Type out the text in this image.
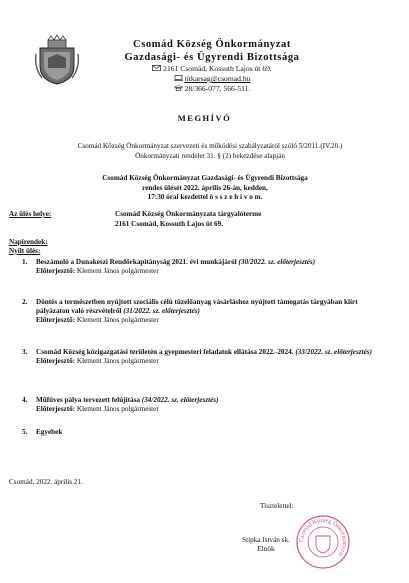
Csomád Község Önkormányzat
Gazdasági- és Ügyrendi Bizottsága
2161 Csomád, Kossuth Lajos út 69.
titkarsag@csomad.hu
28/366-077, 566-511.
MEGHÍVÓ
Csomád Község Önkormányzat szervezeti és működési szabályzatáról szóló 5/2011.(IV.20.)
Önkormányzati rendelet 31. § (2) bekezdése alapján
Csomád Község Önkormányzat Gazdasági- és Ügyrendi Bizottsága
rendes ülését 2022. április 26-án, kedden,
17:30 órai kezdettel ö s s z e h í v o m.
Az ülés helye:	Csomád Község Önkormányzata tárgyalóterme
2161 Csomád, Kossuth Lajos út 69.
Napirendek:
Nyílt ülés:
1.	Beszámoló a Dunakeszi Rendőrkapitányság 2021. évi munkájáról (30/2022. sz. előterjesztés)
Előterjesztő: Klement János polgármester
2.	Döntés a természetben nyújtott szociális célú tüzelőanyag vásárláshoz nyújtott támogatás tárgyában kiírt pályázaton való részvételről (31/2022. sz. előterjesztés)
Előterjesztő: Klement János polgármester
3.	Csomád Község közigazgatási területén a gyepmesteri feladatok ellátása 2022.-2024. (33/2022. sz. előterjesztés)
Előterjesztő: Klement János polgármester
4.	Műfüves pálya tervezett felújítása (34/2022. sz. előterjesztés)
Előterjesztő: Klement János polgármester
5.	Egyebek
Csomád, 2022. április 21.
Tisztelettel:
Stipka István sk.
Elnök
Csomád Község Önkormányzat
